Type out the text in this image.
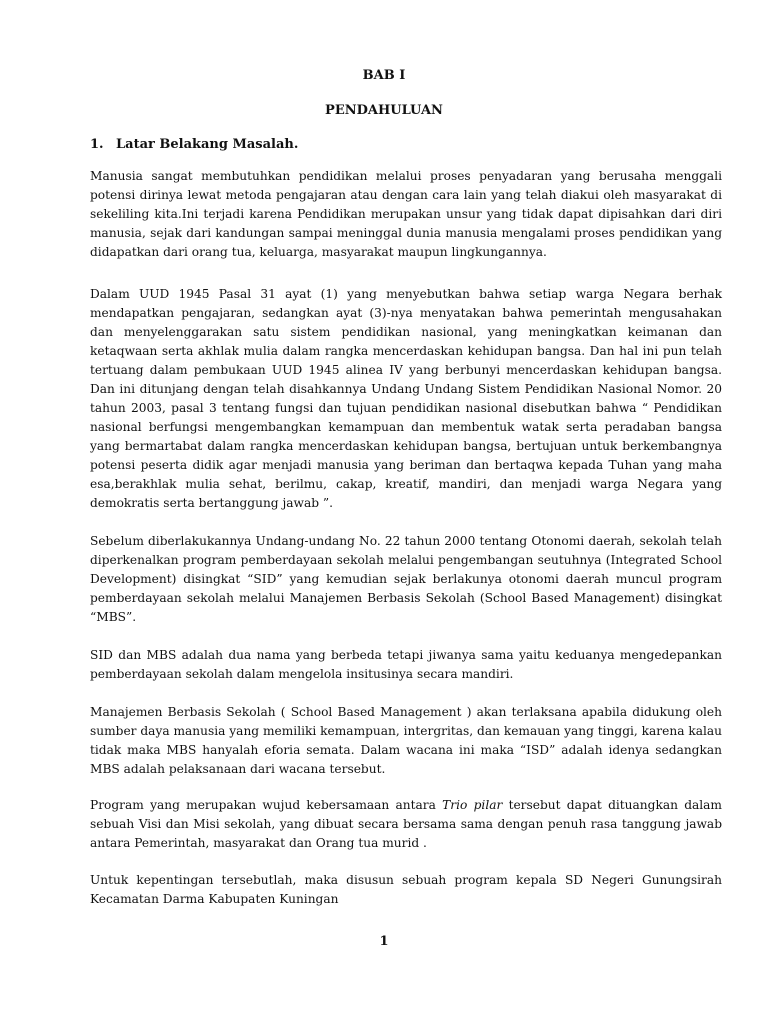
BAB I
PENDAHULUAN
1. Latar Belakang Masalah.

Manusia sangat membutuhkan pendidikan melalui proses penyadaran yang berusaha menggali potensi dirinya lewat metoda pengajaran atau dengan cara lain yang telah diakui oleh masyarakat di sekeliling kita.Ini terjadi karena Pendidikan merupakan unsur yang tidak dapat dipisahkan dari diri manusia, sejak dari kandungan sampai meninggal dunia manusia mengalami proses pendidikan yang didapatkan dari orang tua, keluarga, masyarakat maupun lingkungannya.

Dalam UUD 1945 Pasal 31 ayat (1) yang menyebutkan bahwa setiap warga Negara berhak mendapatkan pengajaran, sedangkan ayat (3)-nya menyatakan bahwa pemerintah mengusahakan dan menyelenggarakan satu sistem pendidikan nasional, yang meningkatkan keimanan dan ketaqwaan serta akhlak mulia dalam rangka mencerdaskan kehidupan bangsa. Dan hal ini pun telah tertuang dalam pembukaan UUD 1945 alinea IV yang berbunyi mencerdaskan kehidupan bangsa. Dan ini ditunjang dengan telah disahkannya Undang Undang Sistem Pendidikan Nasional Nomor. 20 tahun 2003, pasal 3 tentang fungsi dan tujuan pendidikan nasional disebutkan bahwa “ Pendidikan nasional berfungsi mengembangkan kemampuan dan membentuk watak serta peradaban bangsa yang bermartabat dalam rangka mencerdaskan kehidupan bangsa, bertujuan untuk berkembangnya potensi peserta didik agar menjadi manusia yang beriman dan bertaqwa kepada Tuhan yang maha esa,berakhlak mulia sehat, berilmu, cakap, kreatif, mandiri, dan menjadi warga Negara yang demokratis serta bertanggung jawab ”.

Sebelum diberlakukannya Undang-undang No. 22 tahun 2000 tentang Otonomi daerah, sekolah telah diperkenalkan program pemberdayaan sekolah melalui pengembangan seutuhnya (Integrated School Development) disingkat “SID” yang kemudian sejak berlakunya otonomi daerah muncul program pemberdayaan sekolah melalui Manajemen Berbasis Sekolah (School Based Management) disingkat “MBS”.

SID dan MBS adalah dua nama yang berbeda tetapi jiwanya sama yaitu keduanya mengedepankan pemberdayaan sekolah dalam mengelola insitusinya secara mandiri.

Manajemen Berbasis Sekolah ( School Based Management ) akan terlaksana apabila didukung oleh sumber daya manusia yang memiliki kemampuan, intergritas, dan kemauan yang tinggi, karena kalau tidak maka MBS hanyalah eforia semata. Dalam wacana ini maka “ISD” adalah idenya sedangkan MBS adalah pelaksanaan dari wacana tersebut.

Program yang merupakan wujud kebersamaan antara Trio pilar tersebut dapat dituangkan dalam sebuah Visi dan Misi sekolah, yang dibuat secara bersama sama dengan penuh rasa tanggung jawab antara Pemerintah, masyarakat dan Orang tua murid .

Untuk kepentingan tersebutlah, maka disusun sebuah program kepala SD Negeri Gunungsirah Kecamatan Darma Kabupaten Kuningan

1
